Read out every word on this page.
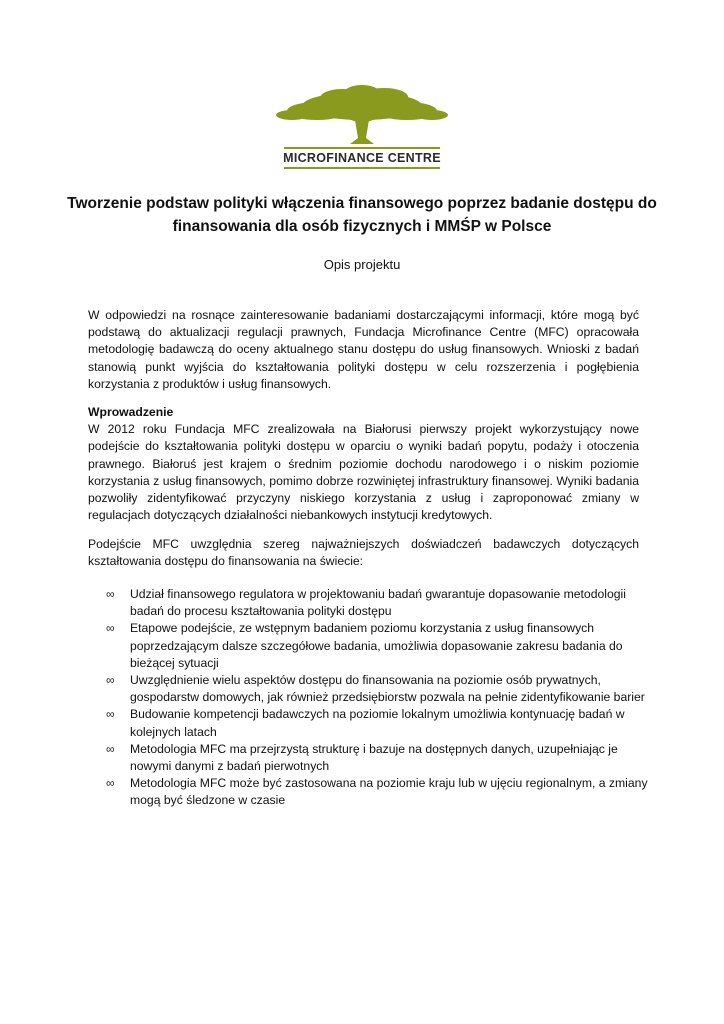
MICROFINANCE CENTRE
Tworzenie podstaw polityki włączenia finansowego poprzez badanie dostępu do finansowania dla osób fizycznych i MMŚP w Polsce
Opis projektu
W odpowiedzi na rosnące zainteresowanie badaniami dostarczającymi informacji, które mogą być podstawą do aktualizacji regulacji prawnych, Fundacja Microfinance Centre (MFC) opracowała metodologię badawczą do oceny aktualnego stanu dostępu do usług finansowych. Wnioski z badań stanowią punkt wyjścia do kształtowania polityki dostępu w celu rozszerzenia i pogłębienia korzystania z produktów i usług finansowych.
Wprowadzenie
W 2012 roku Fundacja MFC zrealizowała na Białorusi pierwszy projekt wykorzystujący nowe podejście do kształtowania polityki dostępu w oparciu o wyniki badań popytu, podaży i otoczenia prawnego. Białoruś jest krajem o średnim poziomie dochodu narodowego i o niskim poziomie korzystania z usług finansowych, pomimo dobrze rozwiniętej infrastruktury finansowej. Wyniki badania pozwoliły zidentyfikować przyczyny niskiego korzystania z usług i zaproponować zmiany w regulacjach dotyczących działalności niebankowych instytucji kredytowych.
Podejście MFC uwzględnia szereg najważniejszych doświadczeń badawczych dotyczących kształtowania dostępu do finansowania na świecie:
∞ Udział finansowego regulatora w projektowaniu badań gwarantuje dopasowanie metodologii badań do procesu kształtowania polityki dostępu
∞ Etapowe podejście, ze wstępnym badaniem poziomu korzystania z usług finansowych poprzedzającym dalsze szczegółowe badania, umożliwia dopasowanie zakresu badania do bieżącej sytuacji
∞ Uwzględnienie wielu aspektów dostępu do finansowania na poziomie osób prywatnych, gospodarstw domowych, jak również przedsiębiorstw pozwala na pełnie zidentyfikowanie barier
∞ Budowanie kompetencji badawczych na poziomie lokalnym umożliwia kontynuację badań w kolejnych latach
∞ Metodologia MFC ma przejrzystą strukturę i bazuje na dostępnych danych, uzupełniając je nowymi danymi z badań pierwotnych
∞ Metodologia MFC może być zastosowana na poziomie kraju lub w ujęciu regionalnym, a zmiany mogą być śledzone w czasie
